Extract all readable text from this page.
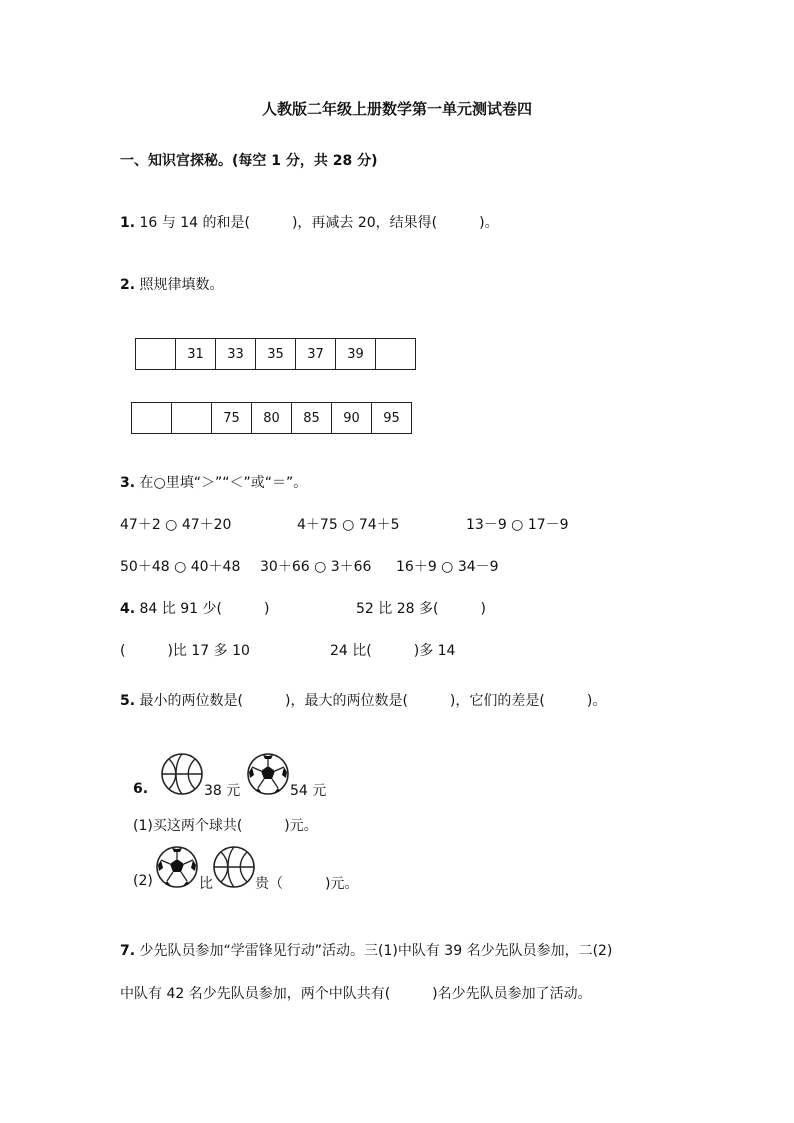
人教版二年级上册数学第一单元测试卷四
一、知识宫探秘。(每空 1 分，共 28 分)
1. 16 与 14 的和是(　　　)，再减去 20，结果得(　　　)。
2. 照规律填数。
	31	33	35	37	39	
		75	80	85	90	95
3. 在○里填“＞”“＜”或“＝”。
47＋2 ○ 47＋20	4＋75 ○ 74＋5	13－9 ○ 17－9
50＋48 ○ 40＋48 30＋66 ○ 3＋66 16＋9 ○ 34－9
4. 84 比 91 少(　　　)	52 比 28 多(　　　)
(　　　)比 17 多 10	24 比(　　　)多 14
5. 最小的两位数是(　　　)，最大的两位数是(　　　)，它们的差是(　　　)。
6.	38 元	54 元
(1)买这两个球共(　　　)元。
(2)	比	贵（　　　)元。
7. 少先队员参加“学雷锋见行动”活动。三(1)中队有 39 名少先队员参加，二(2)
中队有 42 名少先队员参加，两个中队共有(　　　)名少先队员参加了活动。
